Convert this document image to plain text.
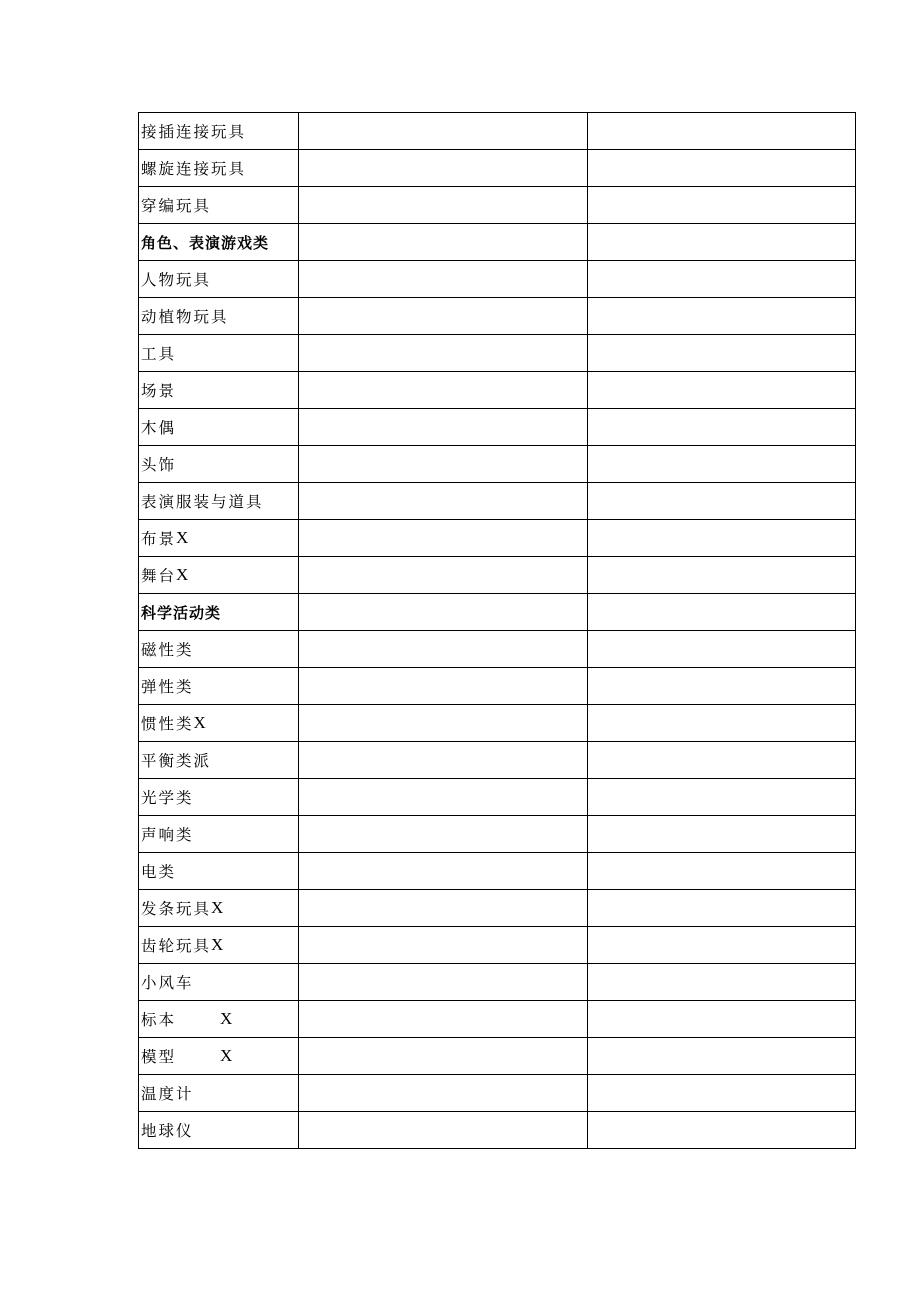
接插连接玩具		

螺旋连接玩具		

穿编玩具		

角色、表演游戏类		

人物玩具		

动植物玩具		

工具		

场景		

木偶		

头饰		

表演服装与道具		

布景 X		

舞台 X		

科学活动类		

磁性类		

弹性类		

惯性类 X		

平衡类派		

光学类		

声响类		

电类		

发条玩具 X		

齿轮玩具 X		

小风车		

标本 X		

模型 X		

温度计		

地球仪		
